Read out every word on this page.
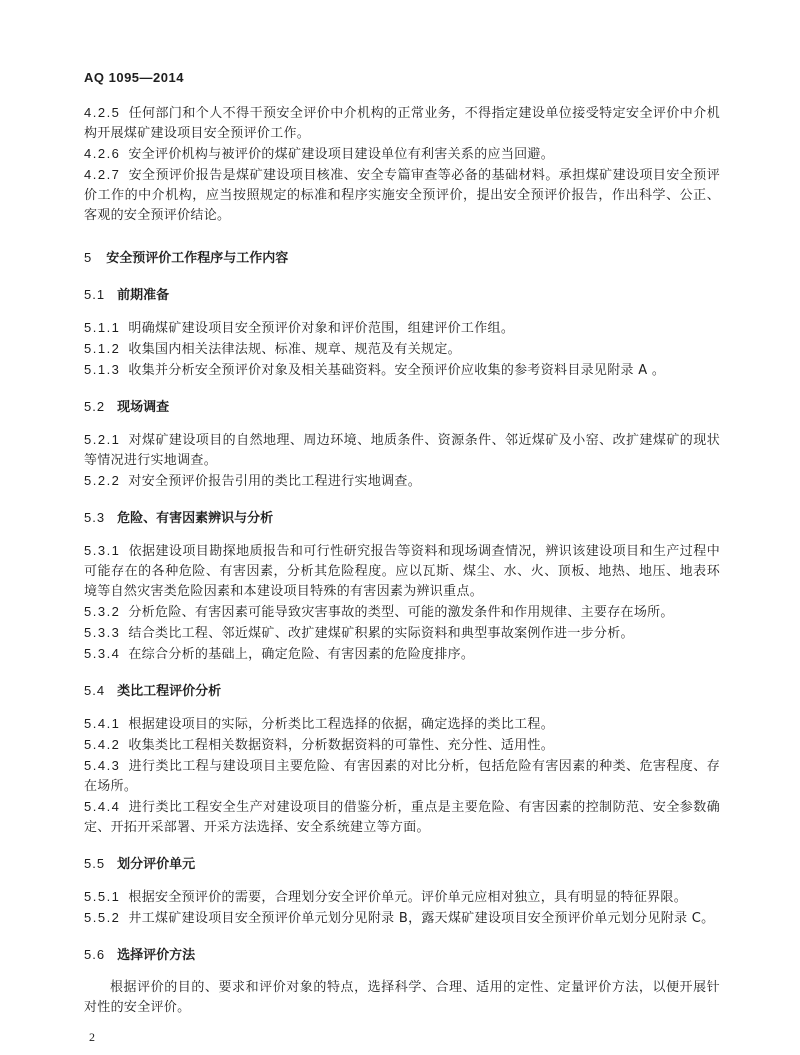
AQ 1095—2014

4.2.5 任何部门和个人不得干预安全评价中介机构的正常业务，不得指定建设单位接受特定安全评价中介机构开展煤矿建设项目安全预评价工作。

4.2.6 安全评价机构与被评价的煤矿建设项目建设单位有利害关系的应当回避。

4.2.7 安全预评价报告是煤矿建设项目核准、安全专篇审查等必备的基础材料。承担煤矿建设项目安全预评价工作的中介机构，应当按照规定的标准和程序实施安全预评价，提出安全预评价报告，作出科学、公正、客观的安全预评价结论。

5 安全预评价工作程序与工作内容

5.1 前期准备

5.1.1 明确煤矿建设项目安全预评价对象和评价范围，组建评价工作组。

5.1.2 收集国内相关法律法规、标准、规章、规范及有关规定。

5.1.3 收集并分析安全预评价对象及相关基础资料。安全预评价应收集的参考资料目录见附录 A 。

5.2 现场调查

5.2.1 对煤矿建设项目的自然地理、周边环境、地质条件、资源条件、邻近煤矿及小窑、改扩建煤矿的现状等情况进行实地调查。

5.2.2 对安全预评价报告引用的类比工程进行实地调查。

5.3 危险、有害因素辨识与分析

5.3.1 依据建设项目勘探地质报告和可行性研究报告等资料和现场调查情况，辨识该建设项目和生产过程中可能存在的各种危险、有害因素，分析其危险程度。应以瓦斯、煤尘、水、火、顶板、地热、地压、地表环境等自然灾害类危险因素和本建设项目特殊的有害因素为辨识重点。

5.3.2 分析危险、有害因素可能导致灾害事故的类型、可能的激发条件和作用规律、主要存在场所。

5.3.3 结合类比工程、邻近煤矿、改扩建煤矿积累的实际资料和典型事故案例作进一步分析。

5.3.4 在综合分析的基础上，确定危险、有害因素的危险度排序。

5.4 类比工程评价分析

5.4.1 根据建设项目的实际，分析类比工程选择的依据，确定选择的类比工程。

5.4.2 收集类比工程相关数据资料，分析数据资料的可靠性、充分性、适用性。

5.4.3 进行类比工程与建设项目主要危险、有害因素的对比分析，包括危险有害因素的种类、危害程度、存在场所。

5.4.4 进行类比工程安全生产对建设项目的借鉴分析，重点是主要危险、有害因素的控制防范、安全参数确定、开拓开采部署、开采方法选择、安全系统建立等方面。

5.5 划分评价单元

5.5.1 根据安全预评价的需要，合理划分安全评价单元。评价单元应相对独立，具有明显的特征界限。

5.5.2 井工煤矿建设项目安全预评价单元划分见附录 B，露天煤矿建设项目安全预评价单元划分见附录 C。

5.6 选择评价方法

根据评价的目的、要求和评价对象的特点，选择科学、合理、适用的定性、定量评价方法，以便开展针对性的安全评价。

2
